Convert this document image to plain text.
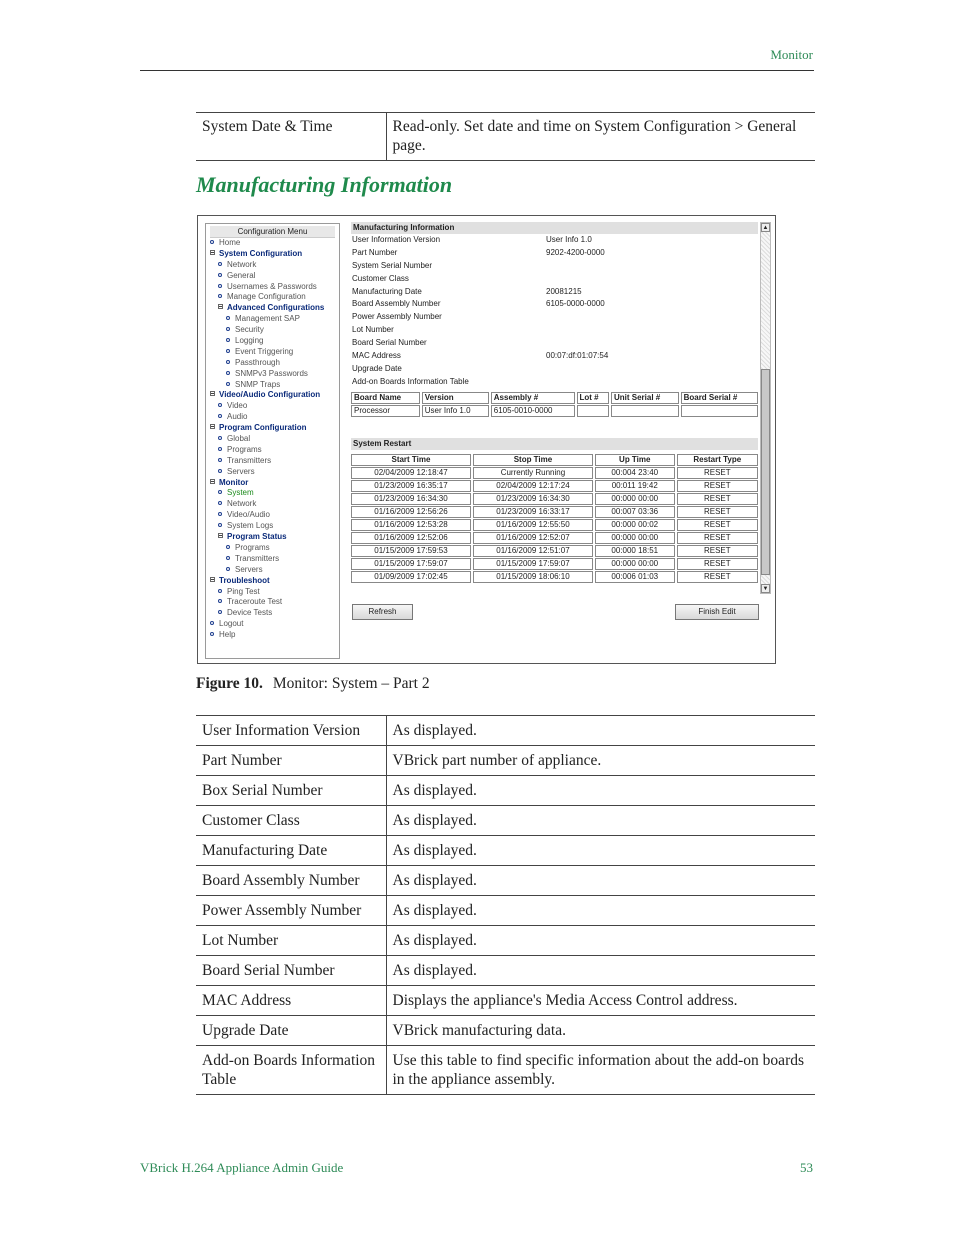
Monitor
System Date & Time	Read-only. Set date and time on System Configuration > General page.
Manufacturing Information
Configuration Menu
Home
System Configuration
Network
General
Usernames & Passwords
Manage Configuration
Advanced Configurations
Management SAP
Security
Logging
Event Triggering
Passthrough
SNMPv3 Passwords
SNMP Traps
Video/Audio Configuration
Video
Audio
Program Configuration
Global
Programs
Transmitters
Servers
Monitor
System
Network
Video/Audio
System Logs
Program Status
Programs
Transmitters
Servers
Troubleshoot
Ping Test
Traceroute Test
Device Tests
Logout
Help
Manufacturing Information
User Information Version	User Info 1.0
Part Number	9202-4200-0000
System Serial Number
Customer Class
Manufacturing Date	20081215
Board Assembly Number	6105-0000-0000
Power Assembly Number
Lot Number
Board Serial Number
MAC Address	00:07:df:01:07:54
Upgrade Date
Add-on Boards Information Table
Board Name	Version	Assembly #	Lot #	Unit Serial #	Board Serial #
Processor	User Info 1.0	6105-0010-0000			
System Restart
Start Time	Stop Time	Up Time	Restart Type
02/04/2009 12:18:47	Currently Running	00:004 23:40	RESET
01/23/2009 16:35:17	02/04/2009 12:17:24	00:011 19:42	RESET
01/23/2009 16:34:30	01/23/2009 16:34:30	00:000 00:00	RESET
01/16/2009 12:56:26	01/23/2009 16:33:17	00:007 03:36	RESET
01/16/2009 12:53:28	01/16/2009 12:55:50	00:000 00:02	RESET
01/16/2009 12:52:06	01/16/2009 12:52:07	00:000 00:00	RESET
01/15/2009 17:59:53	01/16/2009 12:51:07	00:000 18:51	RESET
01/15/2009 17:59:07	01/15/2009 17:59:07	00:000 00:00	RESET
01/09/2009 17:02:45	01/15/2009 18:06:10	00:006 01:03	RESET
▲
▼
Refresh	Finish Edit
Figure 10. Monitor: System – Part 2
User Information Version	As displayed.
Part Number	VBrick part number of appliance.
Box Serial Number	As displayed.
Customer Class	As displayed.
Manufacturing Date	As displayed.
Board Assembly Number	As displayed.
Power Assembly Number	As displayed.
Lot Number	As displayed.
Board Serial Number	As displayed.
MAC Address	Displays the appliance's Media Access Control address.
Upgrade Date	VBrick manufacturing data.
Add-on Boards Information Table	Use this table to find specific information about the add-on boards in the appliance assembly.
VBrick H.264 Appliance Admin Guide	53
